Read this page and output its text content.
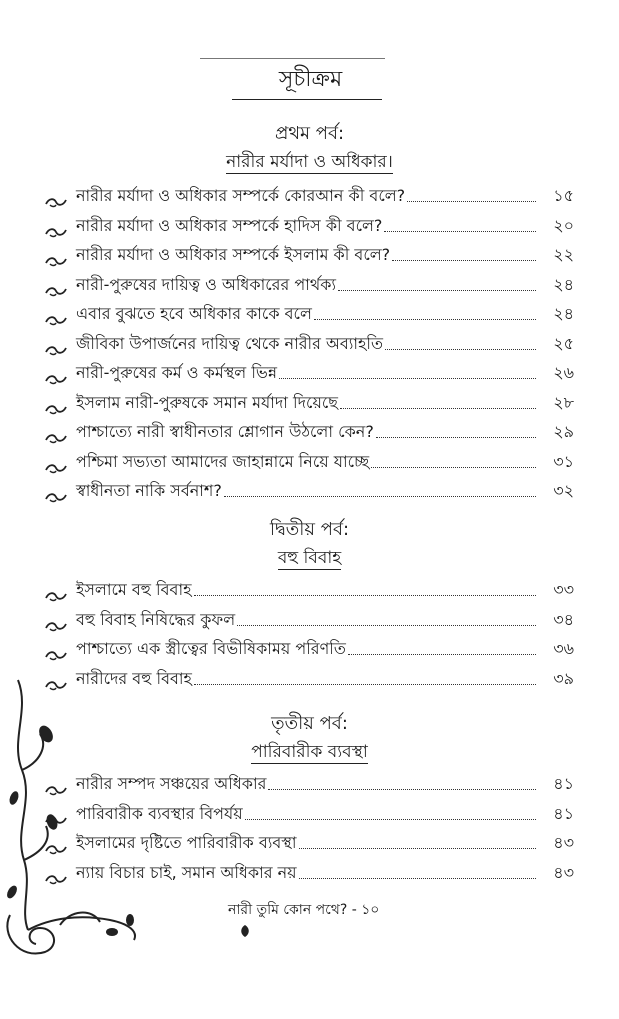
সূচীক্রম
প্রথম পর্ব:
নারীর মর্যাদা ও অধিকার।
নারীর মর্যাদা ও অধিকার সম্পর্কে কোরআন কী বলে?	১৫
নারীর মর্যাদা ও অধিকার সম্পর্কে হাদিস কী বলে?	২০
নারীর মর্যাদা ও অধিকার সম্পর্কে ইসলাম কী বলে?	২২
নারী-পুরুষের দায়িত্ব ও অধিকারের পার্থক্য	২৪
এবার বুঝতে হবে অধিকার কাকে বলে	২৪
জীবিকা উপার্জনের দায়িত্ব থেকে নারীর অব্যাহতি	২৫
নারী-পুরুষের কর্ম ও কর্মস্থল ভিন্ন	২৬
ইসলাম নারী-পুরুষকে সমান মর্যাদা দিয়েছে	২৮
পাশ্চাত্যে নারী স্বাধীনতার শ্লোগান উঠলো কেন?	২৯
পশ্চিমা সভ্যতা আমাদের জাহান্নামে নিয়ে যাচ্ছে	৩১
স্বাধীনতা নাকি সর্বনাশ?	৩২
দ্বিতীয় পর্ব:
বহু বিবাহ
ইসলামে বহু বিবাহ	৩৩
বহু বিবাহ নিষিদ্ধের কুফল	৩৪
পাশ্চাত্যে এক স্ত্রীত্বের বিভীষিকাময় পরিণতি	৩৬
নারীদের বহু বিবাহ	৩৯
তৃতীয় পর্ব:
পারিবারীক ব্যবস্থা
নারীর সম্পদ সঞ্চয়ের অধিকার	৪১
পারিবারীক ব্যবস্থার বিপর্যয়	৪১
ইসলামের দৃষ্টিতে পারিবারীক ব্যবস্থা	৪৩
ন্যায় বিচার চাই, সমান অধিকার নয়	৪৩
নারী তুমি কোন পথে? - ১০
